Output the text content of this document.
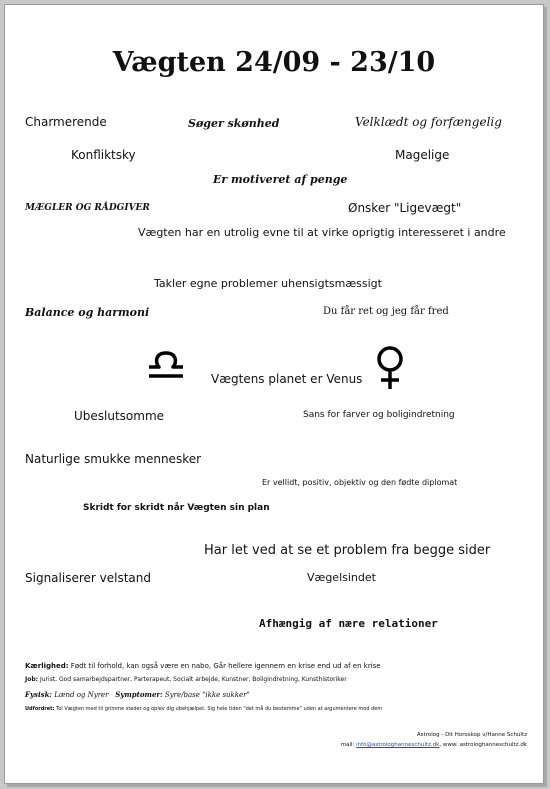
Vægten 24/09 - 23/10
Charmerende	Søger skønhed	Velklædt og forfængelig
Konfliktsky	Magelige
Er motiveret af penge
MÆGLER OG RÅDGIVER	Ønsker "Ligevægt"
Vægten har en utrolig evne til at virke oprigtig interesseret i andre
Takler egne problemer uhensigtsmæssigt
Balance og harmoni	Du får ret og jeg får fred
Vægtens planet er Venus
Ubeslutsomme	Sans for farver og boligindretning
Naturlige smukke mennesker
Er vellidt, positiv, objektiv og den fødte diplomat
Skridt for skridt når Vægten sin plan
Har let ved at se et problem fra begge sider
Signaliserer velstand	Vægelsindet
Afhængig af nære relationer
Kærlighed: Født til forhold, kan også være en nabo, Går hellere igennem en krise end ud af en krise
Job: Jurist, God samarbejdspartner, Parterapeut, Socialt arbejde, Kunstner, Boligindretning, Kunsthistoriker
Fysisk: Lænd og Nyrer Symptomer: Syre/base "ikke sukker"
Udfordret: Tol Vægten med til grimme steder og oplev dig ubehjælpet. Sig hele tiden "det må du bestemme" uden at argumentere mod dem
Astrolog - Dit Horoskop v/Hanne Schultz
mail: info@astrologhanneschultz.dk, www: astrologhanneschultz.dk
